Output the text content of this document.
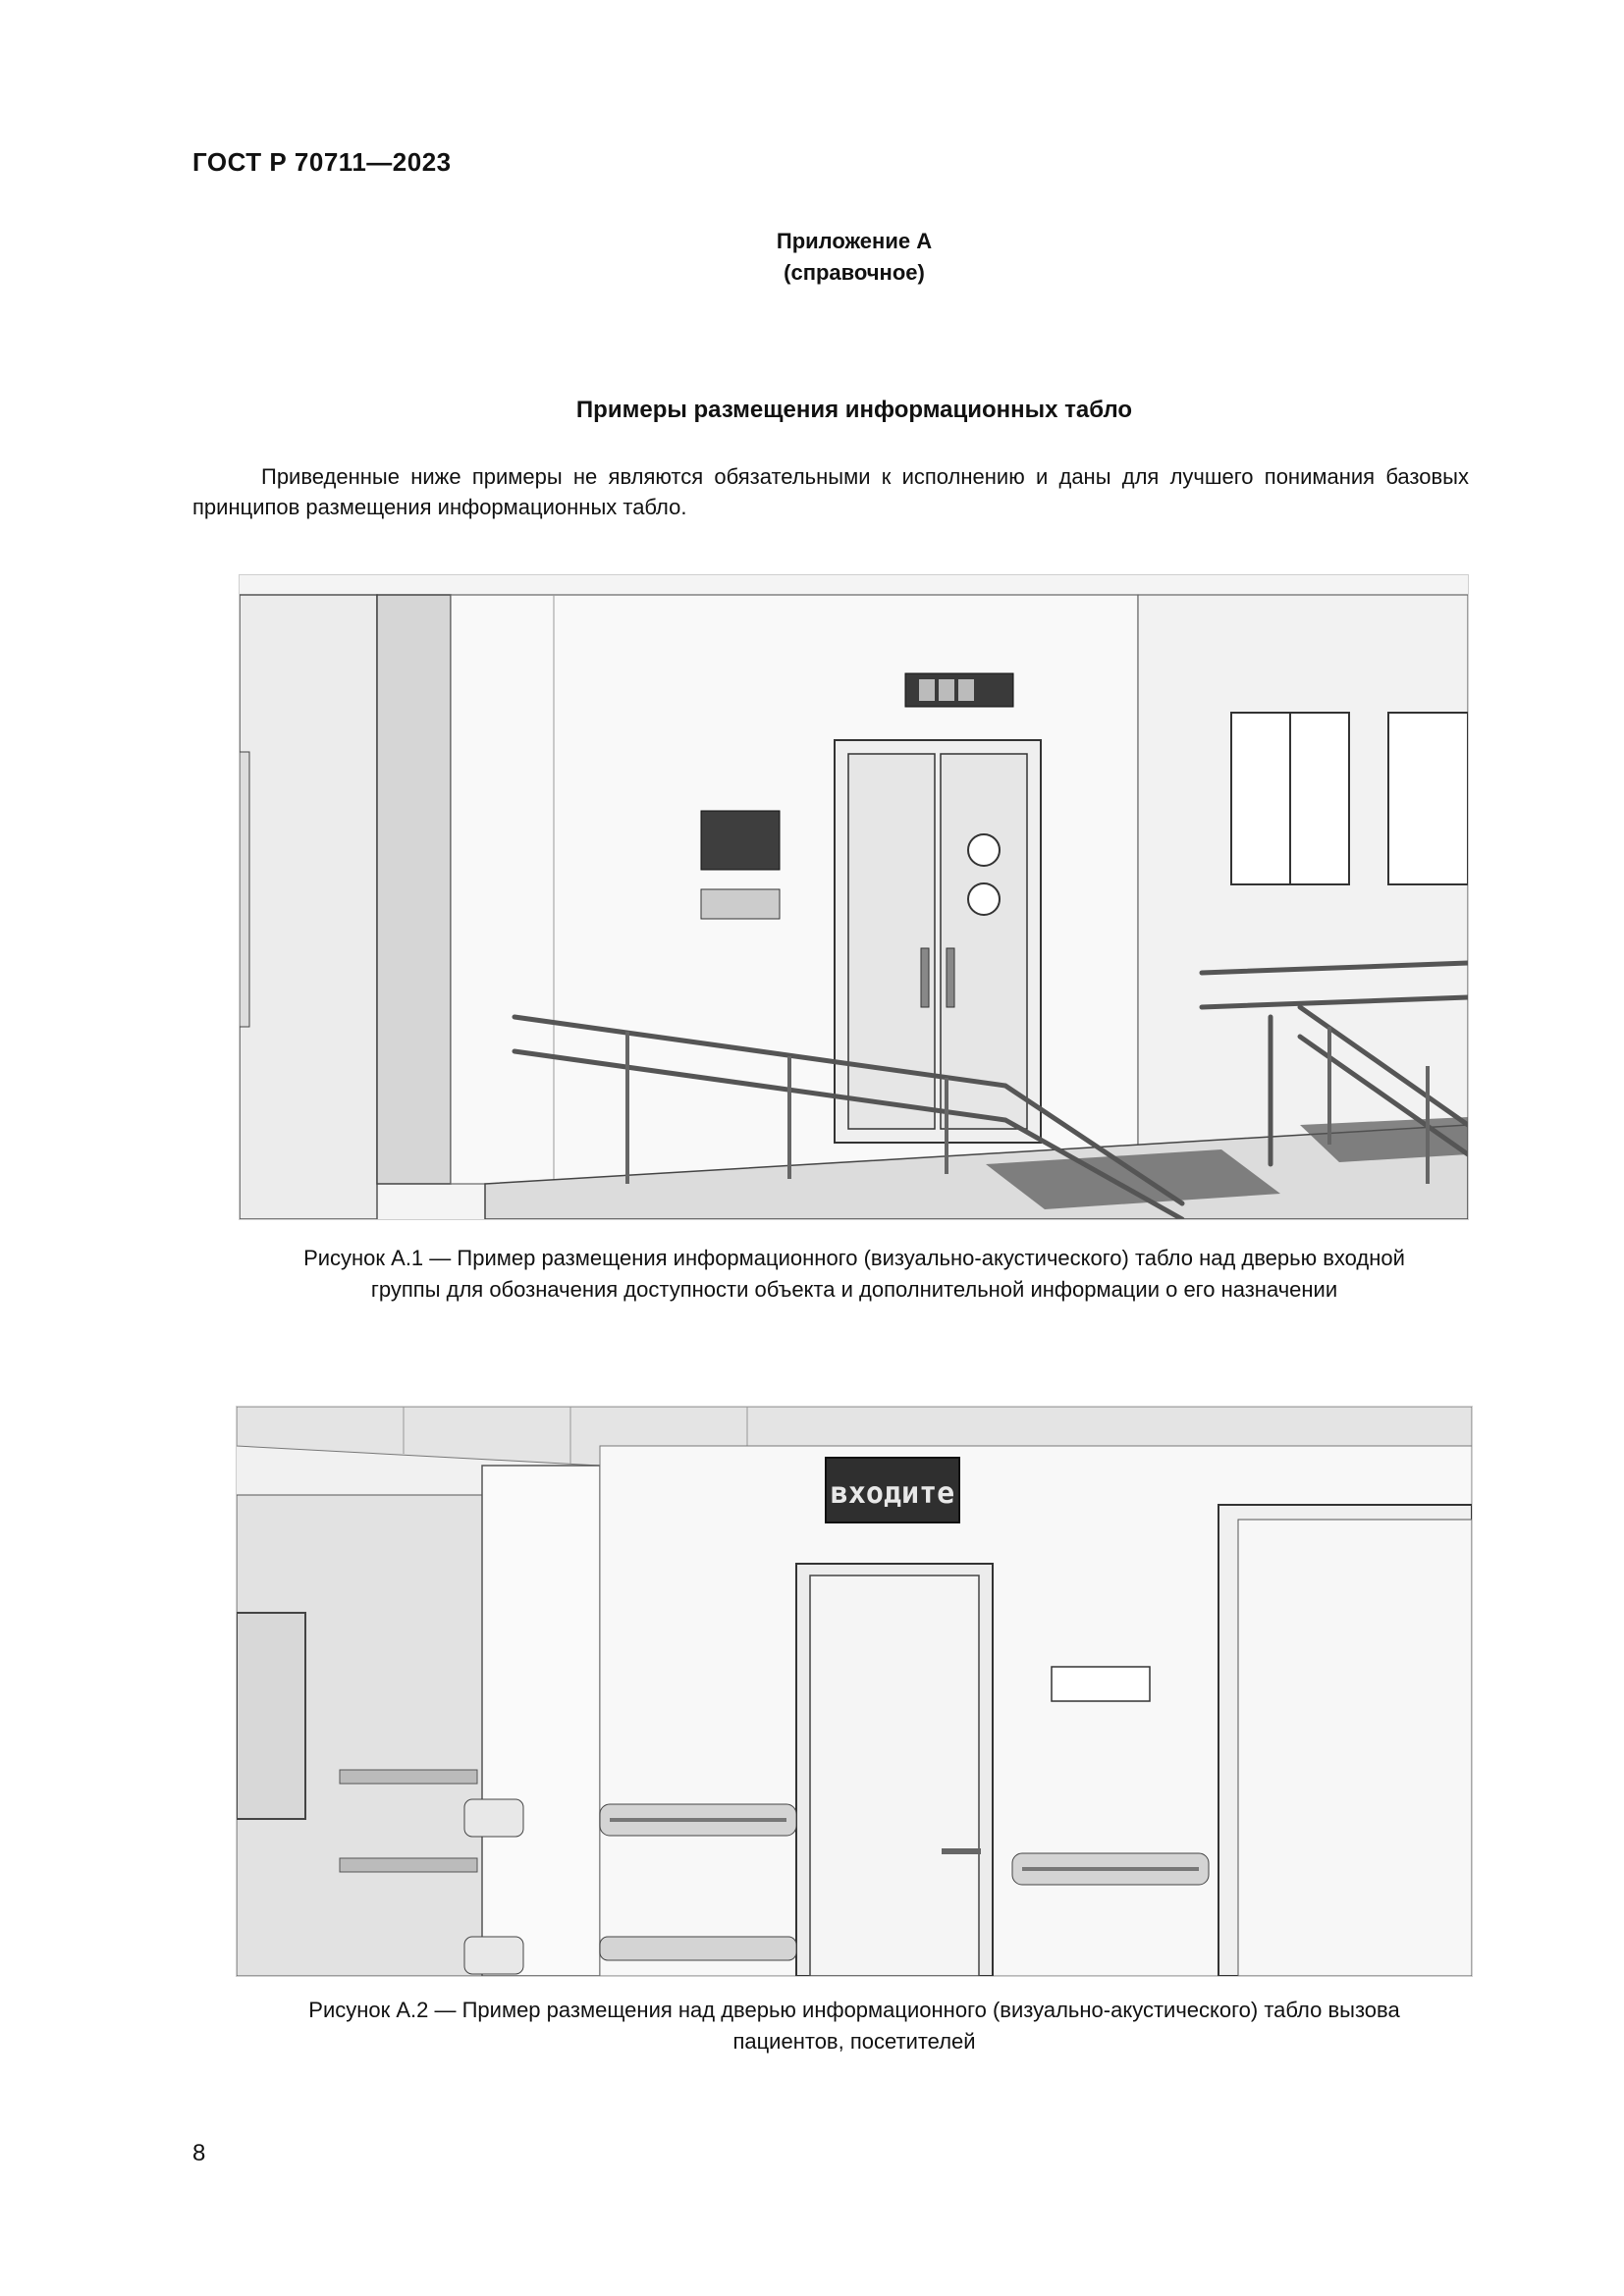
ГОСТ Р 70711—2023
Приложение А
(справочное)
Примеры размещения информационных табло
Приведенные ниже примеры не являются обязательными к исполнению и даны для лучшего понимания базовых принципов размещения информационных табло.
Рисунок А.1 — Пример размещения информационного (визуально-акустического) табло над дверью входной
группы для обозначения доступности объекта и дополнительной информации о его назначении
входите
Рисунок А.2 — Пример размещения над дверью информационного (визуально-акустического) табло вызова
пациентов, посетителей
8
